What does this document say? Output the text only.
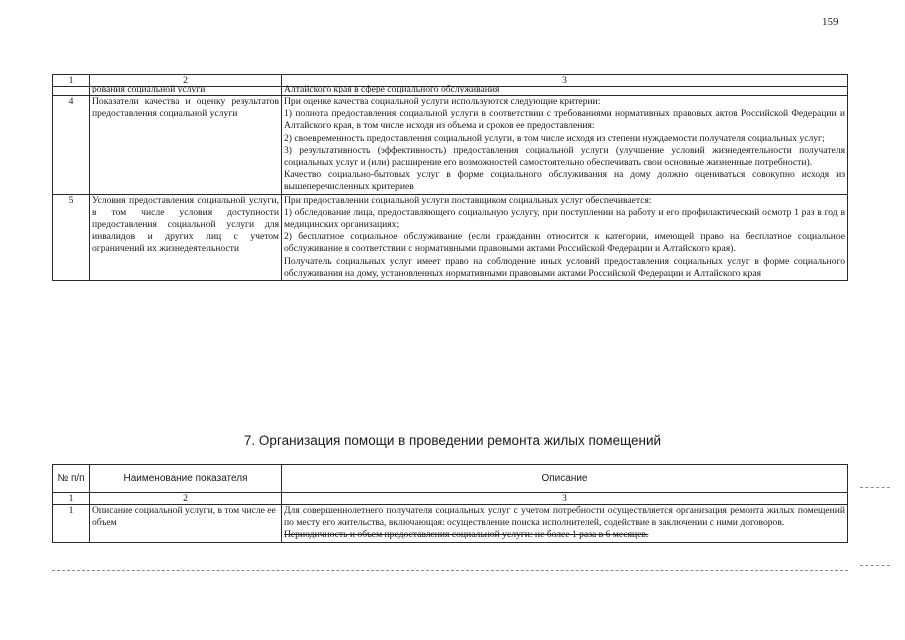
159
1	2	3

	рования социальной услуги	Алтайского края в сфере социального обслуживания

4	Показатели качества и оценку результатов предоставления социальной услуги	При оценке качества социальной услуги используются следующие критерии:

1) полнота предоставления социальной услуги в соответствии с требованиями нормативных правовых актов Российской Федерации и Алтайского края, в том числе исходя из объема и сроков ее предоставления:

2) своевременность предоставления социальной услуги, в том числе исходя из степени нуждаемости получателя социальных услуг;

3) результативность (эффективность) предоставления социальной услуги (улучшение условий жизнедеятельности получателя социальных услуг и (или) расширение его возможностей самостоятельно обеспечивать свои основные жизненные потребности).

Качество социально-бытовых услуг в форме социального обслуживания на дому должно оцениваться совокупно исходя из вышеперечисленных критериев

5	Условия предоставления социальной услуги, в том числе условия доступности предоставления социальной услуги для инвалидов и других лиц с учетом ограничений их жизнедеятельности	При предоставлении социальной услуги поставщиком социальных услуг обеспечивается:

1) обследование лица, предоставляющего социальную услугу, при поступлении на работу и его профилактический осмотр 1 раз в год в медицинских организациях;

2) бесплатное социальное обслуживание (если гражданин относится к категории, имеющей право на бесплатное социальное обслуживание в соответствии с нормативными правовыми актами Российской Федерации и Алтайского края).

Получатель социальных услуг имеет право на соблюдение иных условий предоставления социальных услуг в форме социального обслуживания на дому, установленных нормативными правовыми актами Российской Федерации и Алтайского края

7. Организация помощи в проведении ремонта жилых помещений
№ п/п	Наименование показателя	Описание
1	2	3
1	Описание социальной услуги, в том числе ее объем	Для совершеннолетнего получателя социальных услуг с учетом потребности осуществляется организация ремонта жилых помещений по месту его жительства, включающая: осуществление поиска исполнителей, содействие в заключении с ними договоров.

Периодичность и объем предоставления социальной услуги: не более 1 раза в 6 месяцев.
